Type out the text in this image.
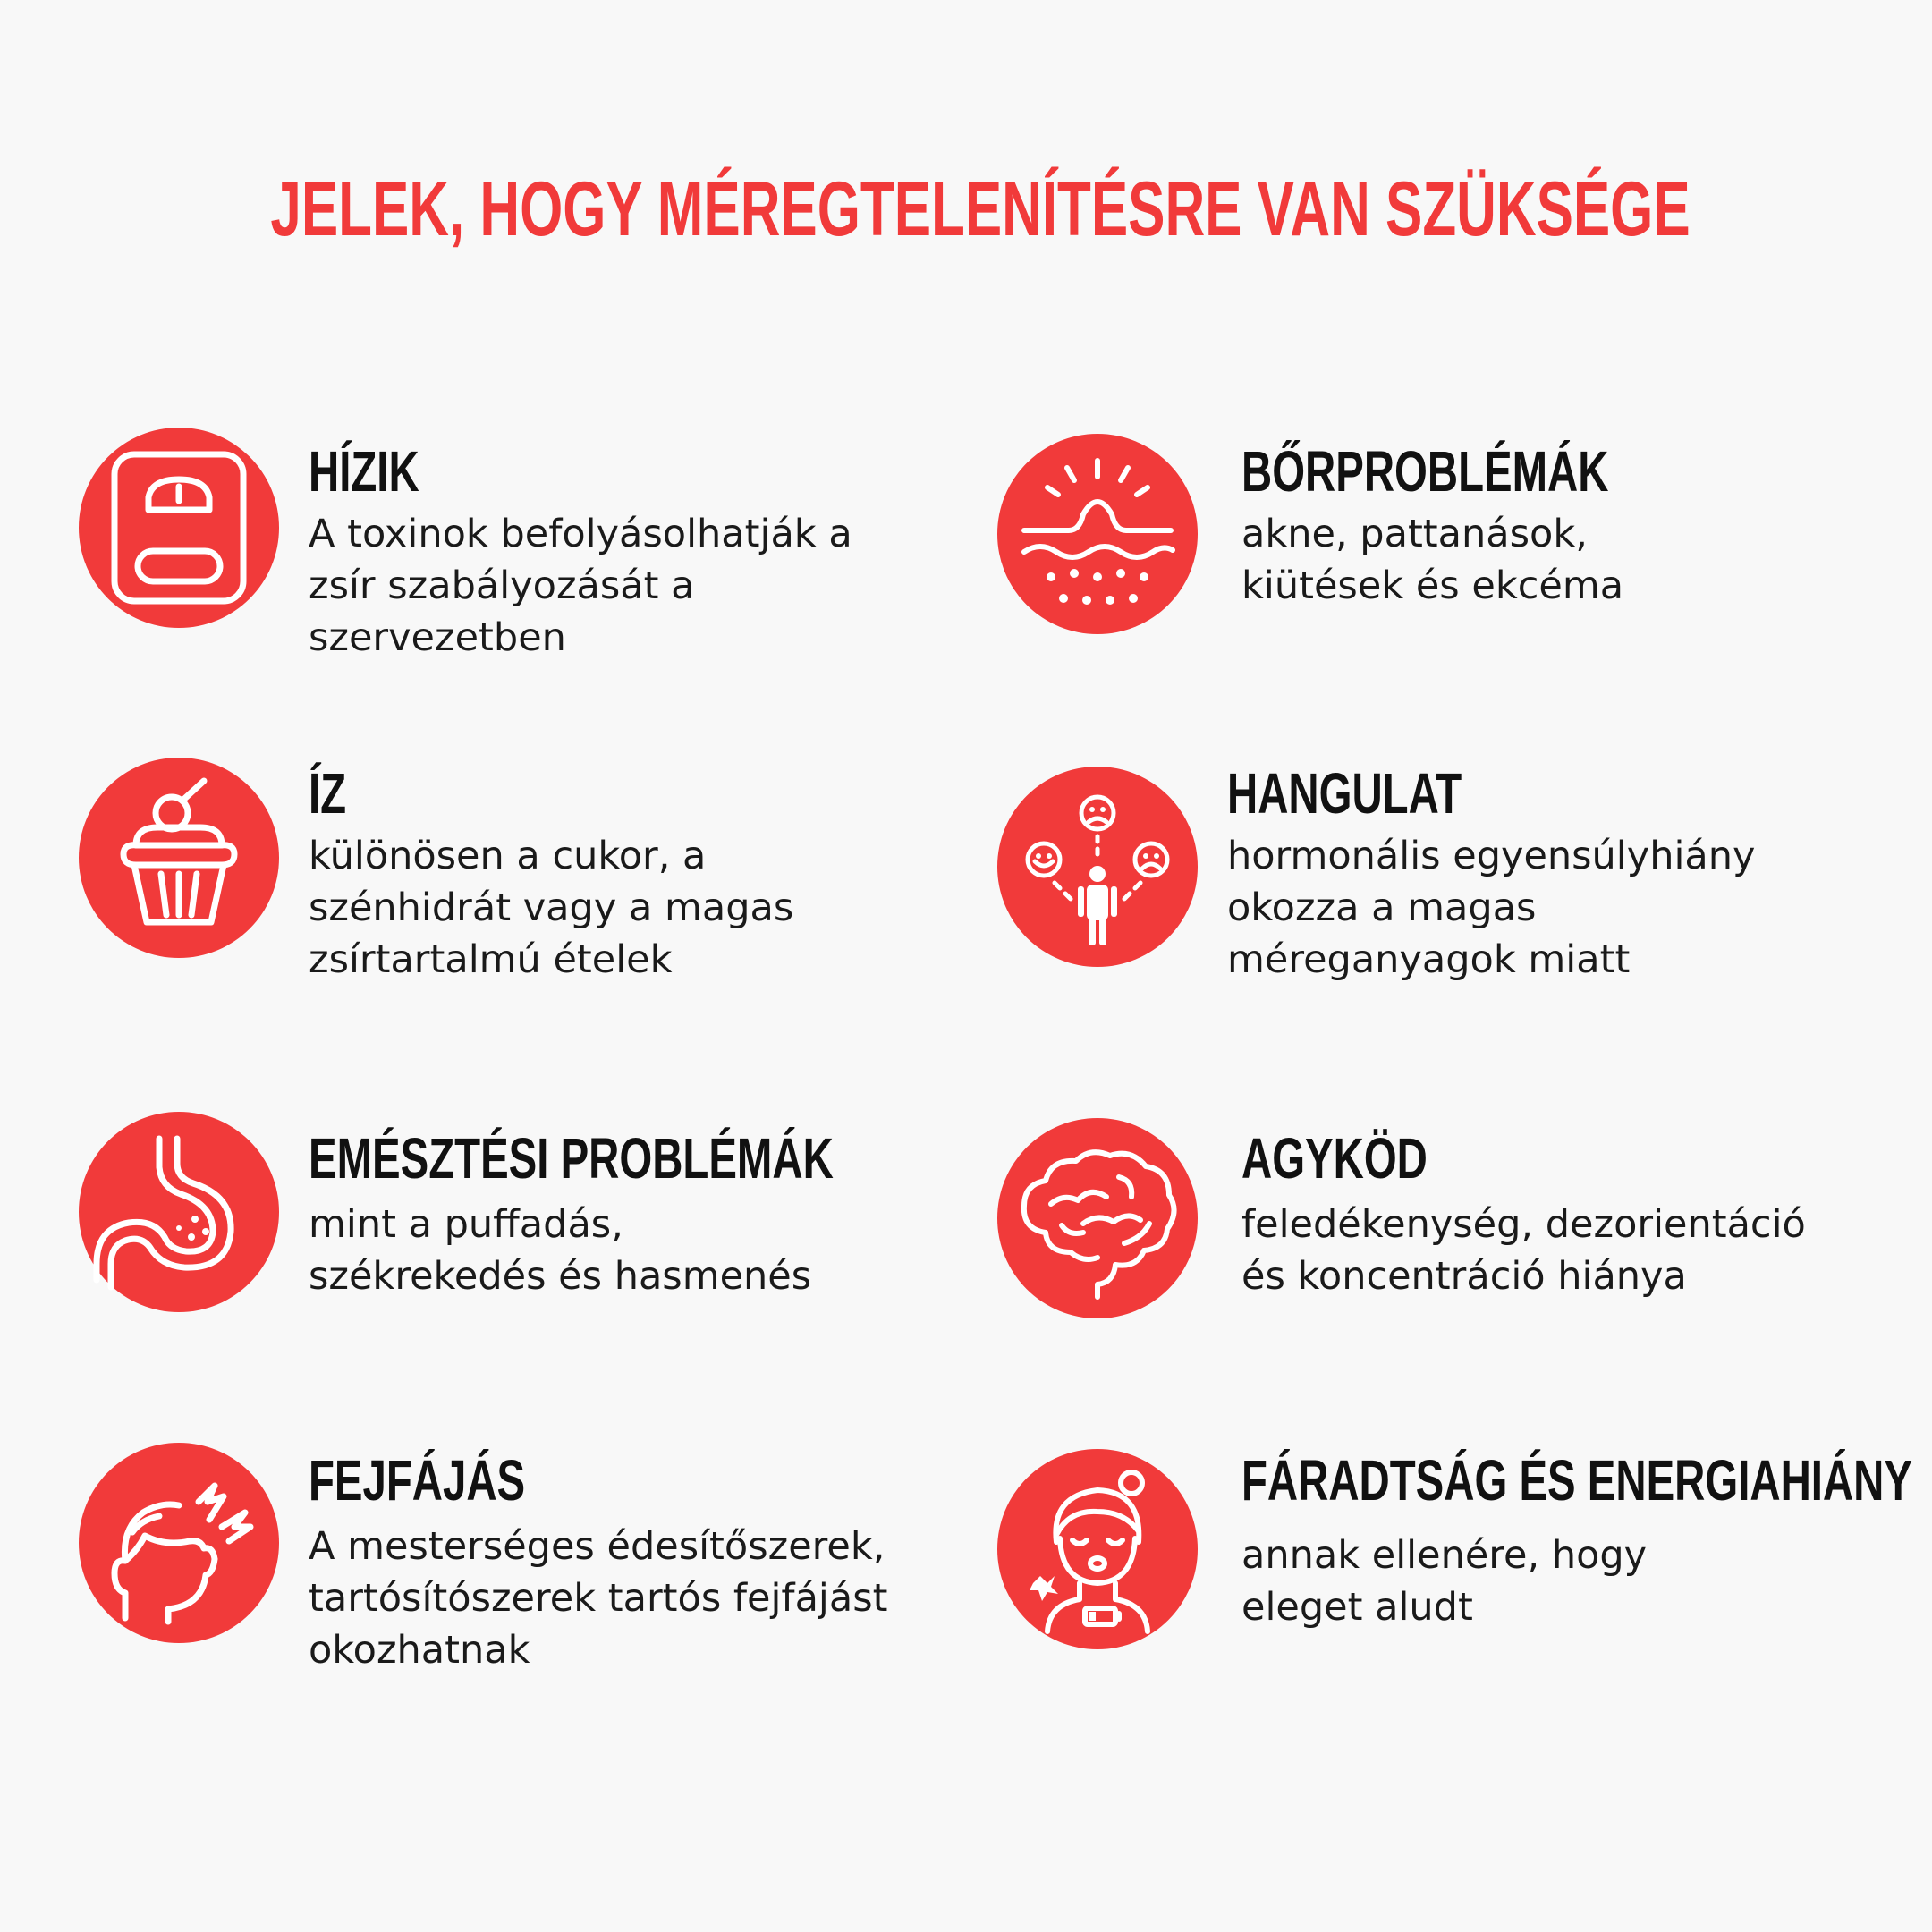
JELEK, HOGY MÉREGTELENÍTÉSRE VAN SZÜKSÉGE
HÍZIK

A toxinok befolyásolhatják a
zsír szabályozását a
szervezetben

BŐRPROBLÉMÁK

akne, pattanások,
kiütések és ekcéma

ÍZ

különösen a cukor, a
szénhidrát vagy a magas
zsírtartalmú ételek

HANGULAT

hormonális egyensúlyhiány
okozza a magas
méreganyagok miatt

EMÉSZTÉSI PROBLÉMÁK

mint a puffadás,
székrekedés és hasmenés

AGYKÖD

feledékenység, dezorientáció
és koncentráció hiánya

FEJFÁJÁS

A mesterséges édesítőszerek,
tartósítószerek tartós fejfájást
okozhatnak

FÁRADTSÁG ÉS ENERGIAHIÁNY

annak ellenére, hogy
eleget aludt
